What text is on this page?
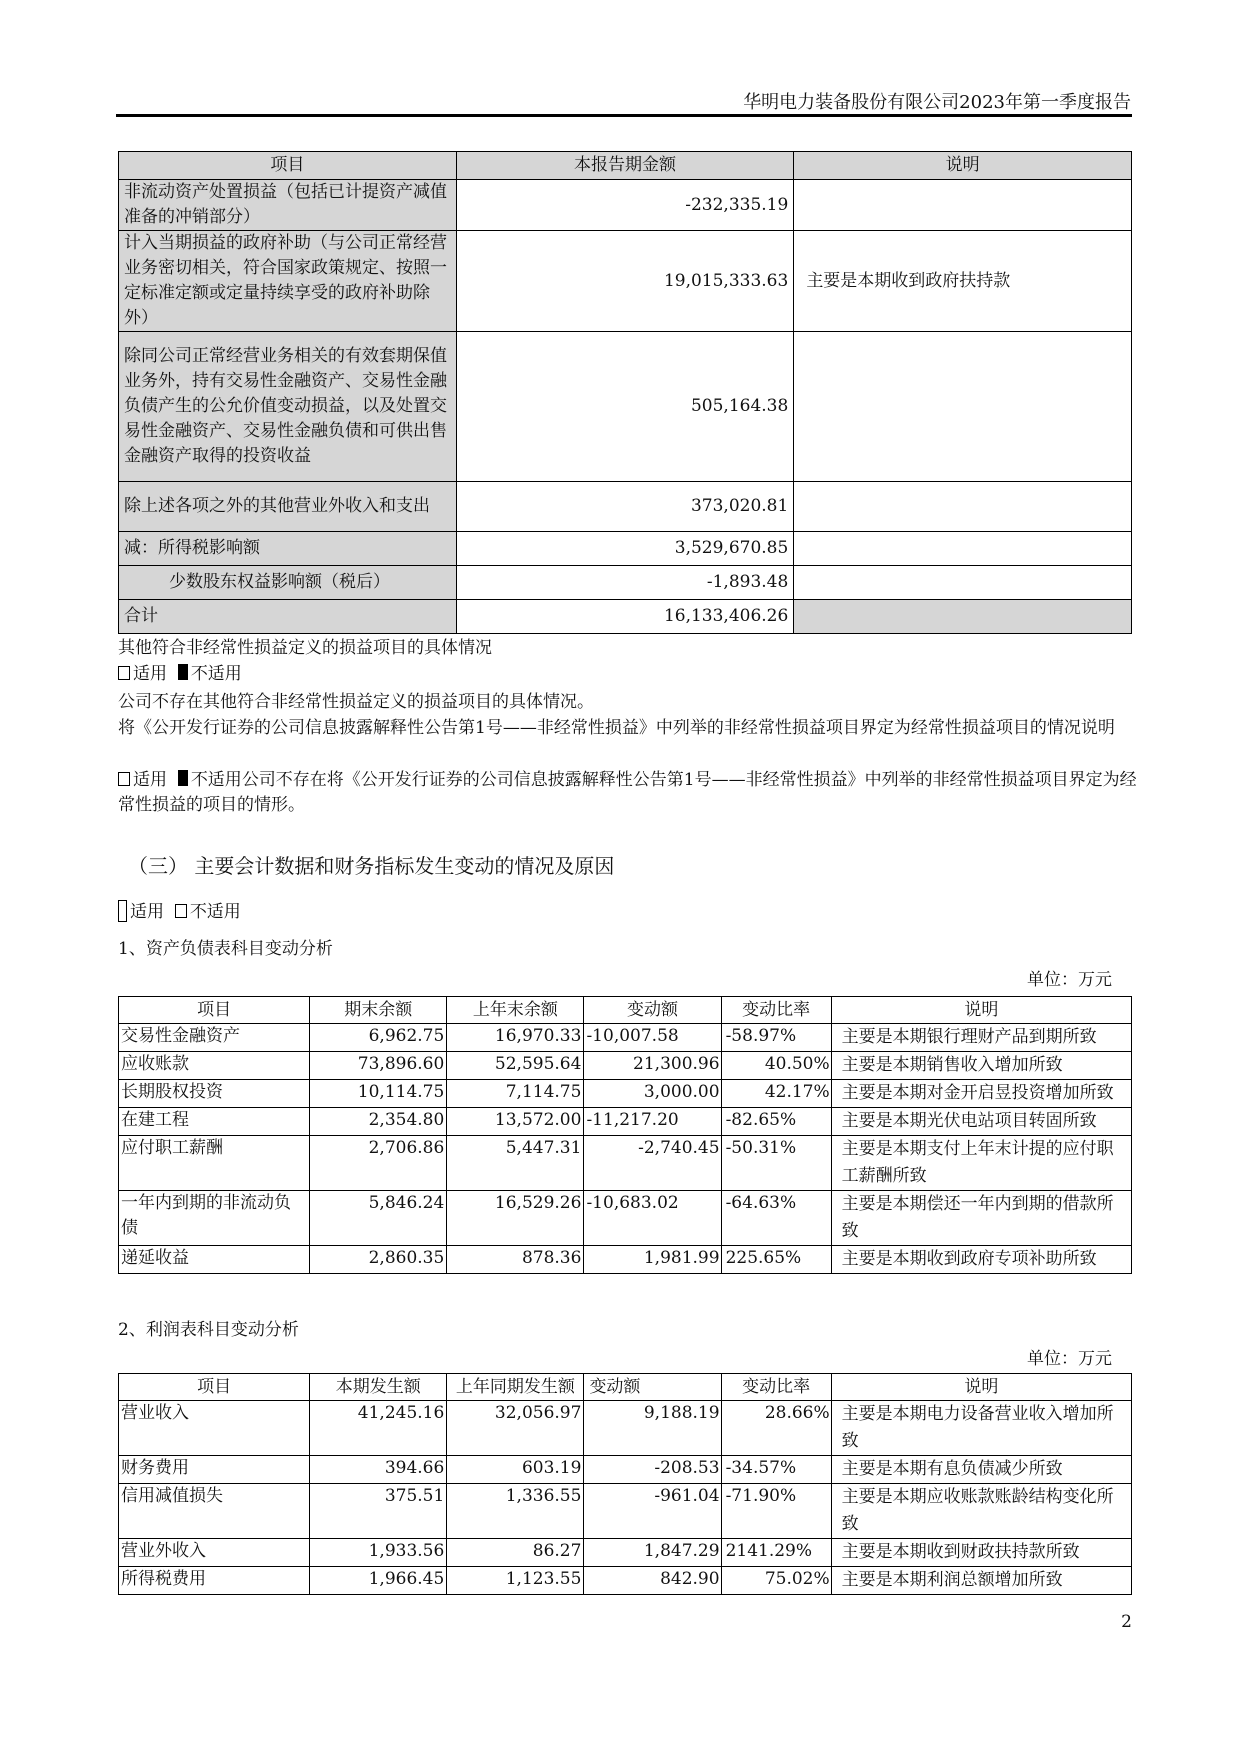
华明电力装备股份有限公司2023年第一季度报告
项目	本报告期金额	说明
非流动资产处置损益（包括已计提资产减值准备的冲销部分）	-232,335.19	
计入当期损益的政府补助（与公司正常经营业务密切相关，符合国家政策规定、按照一定标准定额或定量持续享受的政府补助除外）	19,015,333.63	主要是本期收到政府扶持款
除同公司正常经营业务相关的有效套期保值业务外，持有交易性金融资产、交易性金融负债产生的公允价值变动损益，以及处置交易性金融资产、交易性金融负债和可供出售金融资产取得的投资收益	505,164.38	
除上述各项之外的其他营业外收入和支出	373,020.81	
减：所得税影响额	3,529,670.85	
少数股东权益影响额（税后）	-1,893.48	
合计	16,133,406.26	
其他符合非经常性损益定义的损益项目的具体情况
适用 不适用
公司不存在其他符合非经常性损益定义的损益项目的具体情况。
将《公开发行证券的公司信息披露解释性公告第1号——非经常性损益》中列举的非经常性损益项目界定为经常性损益项目的情况说明
适用 不适用公司不存在将《公开发行证券的公司信息披露解释性公告第1号——非经常性损益》中列举的非经常性损益项目界定为经常性损益的项目的情形。
（三） 主要会计数据和财务指标发生变动的情况及原因
适用 不适用
1、资产负债表科目变动分析
单位：万元
项目	期末余额	上年末余额	变动额	变动比率	说明
交易性金融资产	6,962.75	16,970.33	-10,007.58	-58.97%	主要是本期银行理财产品到期所致
应收账款	73,896.60	52,595.64	21,300.96	40.50%	主要是本期销售收入增加所致
长期股权投资	10,114.75	7,114.75	3,000.00	42.17%	主要是本期对金开启昱投资增加所致
在建工程	2,354.80	13,572.00	-11,217.20	-82.65%	主要是本期光伏电站项目转固所致
应付职工薪酬	2,706.86	5,447.31	-2,740.45	-50.31%	主要是本期支付上年末计提的应付职工薪酬所致
一年内到期的非流动负债	5,846.24	16,529.26	-10,683.02	-64.63%	主要是本期偿还一年内到期的借款所致
递延收益	2,860.35	878.36	1,981.99	225.65%	主要是本期收到政府专项补助所致
2、利润表科目变动分析
单位：万元
项目	本期发生额	上年同期发生额	变动额	变动比率	说明
营业收入	41,245.16	32,056.97	9,188.19	28.66%	主要是本期电力设备营业收入增加所致
财务费用	394.66	603.19	-208.53	-34.57%	主要是本期有息负债减少所致
信用减值损失	375.51	1,336.55	-961.04	-71.90%	主要是本期应收账款账龄结构变化所致
营业外收入	1,933.56	86.27	1,847.29	2141.29%	主要是本期收到财政扶持款所致
所得税费用	1,966.45	1,123.55	842.90	75.02%	主要是本期利润总额增加所致
2
